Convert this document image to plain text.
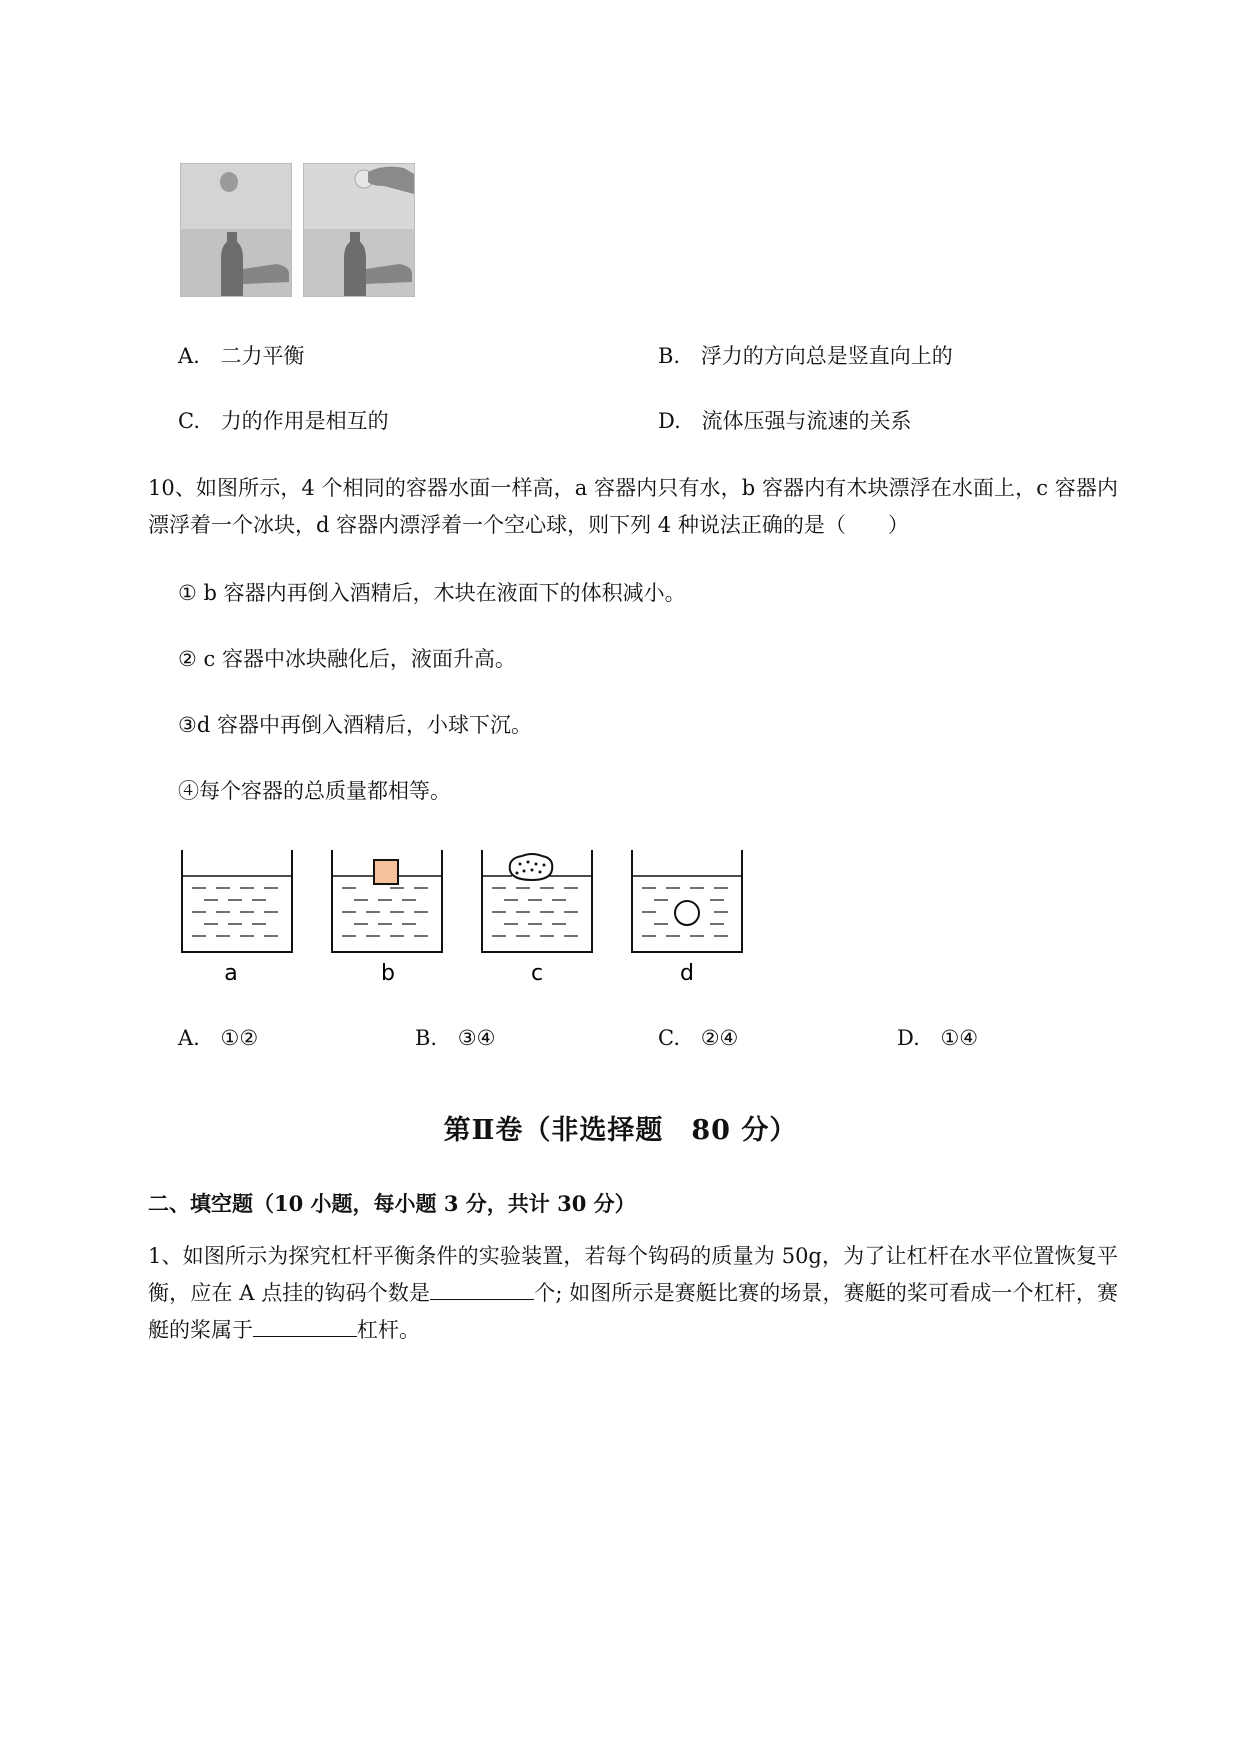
A. 二力平衡	B. 浮力的方向总是竖直向上的
C. 力的作用是相互的	D. 流体压强与流速的关系
10、如图所示，4 个相同的容器水面一样高，a 容器内只有水，b 容器内有木块漂浮在水面上，c 容器内漂浮着一个冰块，d 容器内漂浮着一个空心球，则下列 4 种说法正确的是（　　）
① b 容器内再倒入酒精后，木块在液面下的体积减小。
② c 容器中冰块融化后，液面升高。
③d 容器中再倒入酒精后，小球下沉。
④每个容器的总质量都相等。
a	b	c	d
A. ①②	B. ③④	C. ②④	D. ①④
第Ⅱ卷（非选择题　80 分）
二、填空题（10 小题，每小题 3 分，共计 30 分）
1、如图所示为探究杠杆平衡条件的实验装置，若每个钩码的质量为 50g，为了让杠杆在水平位置恢复平衡，应在 A 点挂的钩码个数是	个; 如图所示是赛艇比赛的场景，赛艇的桨可看成一个杠杆，赛艇的桨属于	杠杆。
